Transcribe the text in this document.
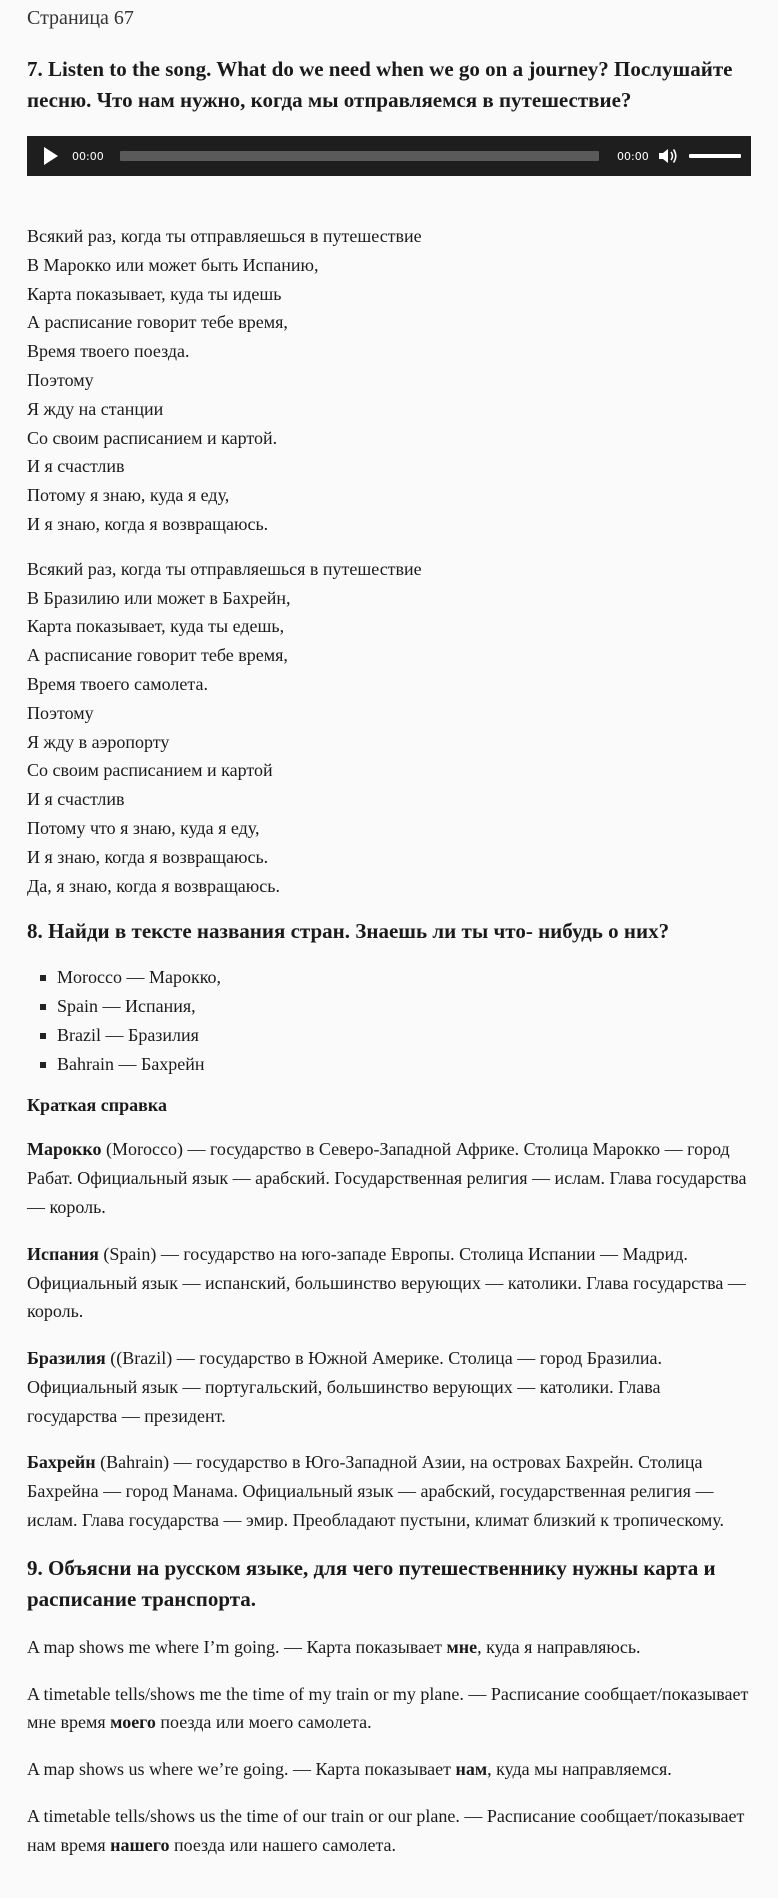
Страница 67
7. Listen to the song. What do we need when we go on a journey? Послушайте песню. Что нам нужно, когда мы отправляемся в путешествие?
00:00	00:00

Всякий раз, когда ты отправляешься в путешествие

В Марокко или может быть Испанию,

Карта показывает, куда ты идешь

А расписание говорит тебе время,

Время твоего поезда.

Поэтому

Я жду на станции

Со своим расписанием и картой.

И я счастлив

Потому я знаю, куда я еду,

И я знаю, когда я возвращаюсь.

Всякий раз, когда ты отправляешься в путешествие

В Бразилию или может в Бахрейн,

Карта показывает, куда ты едешь,

А расписание говорит тебе время,

Время твоего самолета.

Поэтому

Я жду в аэропорту

Со своим расписанием и картой

И я счастлив

Потому что я знаю, куда я еду,

И я знаю, когда я возвращаюсь.

Да, я знаю, когда я возвращаюсь.

8. Найди в тексте названия стран. Знаешь ли ты что- нибудь о них?
Morocco — Марокко,
Spain — Испания,
Brazil — Бразилия
Bahrain — Бахрейн
Краткая справка

Марокко (Morocco) — государство в Северо-Западной Африке. Столица Марокко — город Рабат. Официальный язык — арабский. Государственная религия — ислам. Глава государства — король.

Испания (Spain) — государство на юго-западе Европы. Столица Испании — Мадрид. Официальный язык — испанский, большинство верующих — католики. Глава государства — король.

Бразилия ((Brazil) — государство в Южной Америке. Столица — город Бразилиа. Официальный язык — португальский, большинство верующих — католики. Глава государства — президент.

Бахрейн (Bahrain) — государство в Юго-Западной Азии, на островах Бахрейн. Столица Бахрейна — город Манама. Официальный язык — арабский, государственная религия — ислам. Глава государства — эмир. Преобладают пустыни, климат близкий к тропическому.

9. Объясни на русском языке, для чего путешественнику нужны карта и расписание транспорта.

A map shows me where I’m going. — Карта показывает мне, куда я направляюсь.

A timetable tells/shows me the time of my train or my plane. — Расписание сообщает/показывает мне время моего поезда или моего самолета.

A map shows us where we’re going. — Карта показывает нам, куда мы направляемся.

A timetable tells/shows us the time of our train or our plane. — Расписание сообщает/показывает нам время нашего поезда или нашего самолета.
